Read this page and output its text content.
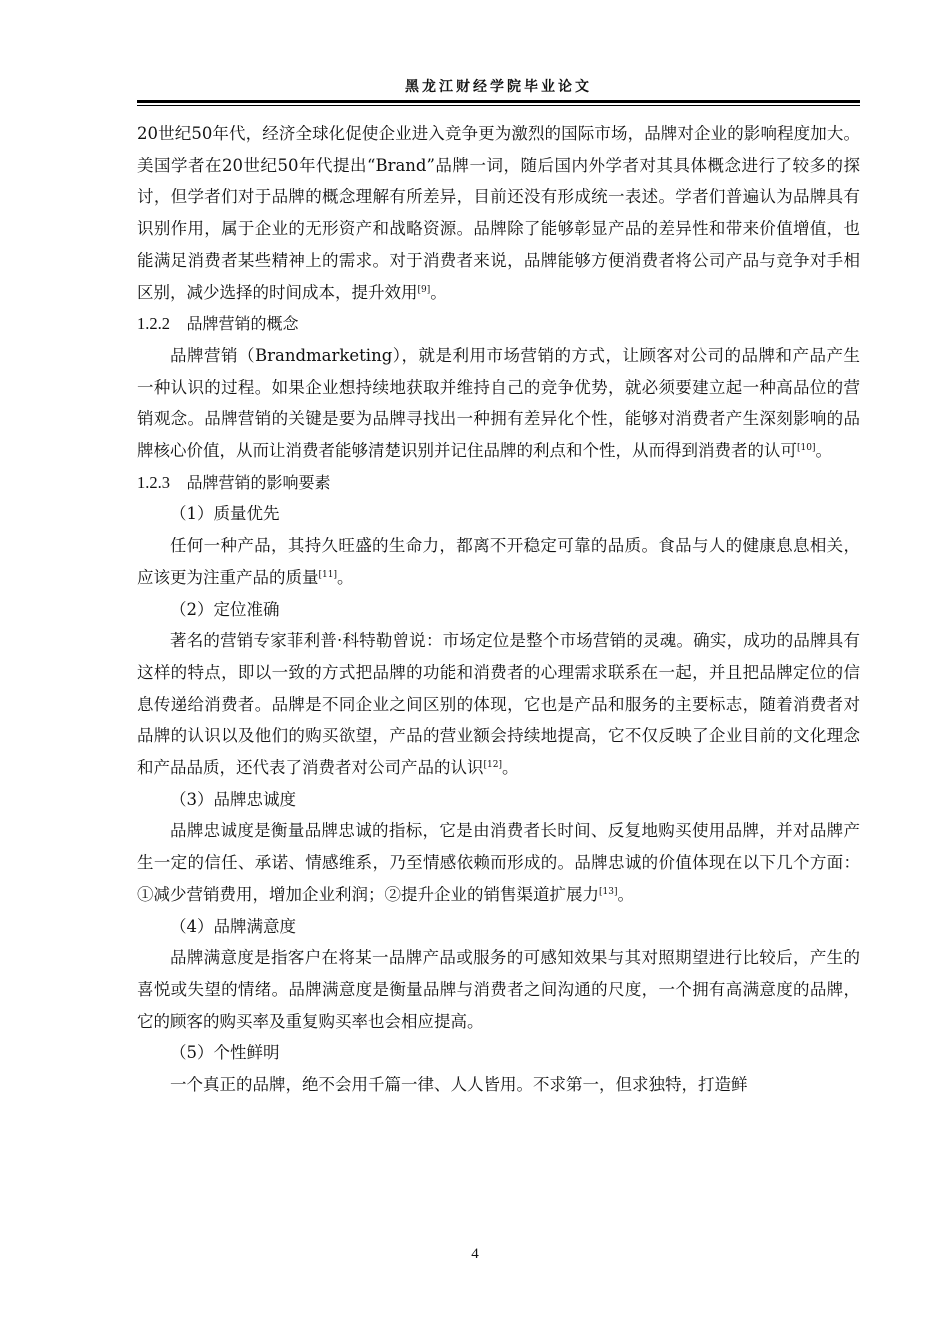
黑龙江财经学院毕业论文

20世纪50年代，经济全球化促使企业进入竞争更为激烈的国际市场，品牌对企业的影响程度加大。美国学者在20世纪50年代提出“Brand”品牌一词，随后国内外学者对其具体概念进行了较多的探讨，但学者们对于品牌的概念理解有所差异，目前还没有形成统一表述。学者们普遍认为品牌具有识别作用，属于企业的无形资产和战略资源。品牌除了能够彰显产品的差异性和带来价值增值，也能满足消费者某些精神上的需求。对于消费者来说，品牌能够方便消费者将公司产品与竞争对手相区别，减少选择的时间成本，提升效用[9]。

1.2.2 品牌营销的概念

品牌营销（Brandmarketing），就是利用市场营销的方式，让顾客对公司的品牌和产品产生一种认识的过程。如果企业想持续地获取并维持自己的竞争优势，就必须要建立起一种高品位的营销观念。品牌营销的关键是要为品牌寻找出一种拥有差异化个性，能够对消费者产生深刻影响的品牌核心价值，从而让消费者能够清楚识别并记住品牌的利点和个性，从而得到消费者的认可[10]。

1.2.3 品牌营销的影响要素

（1）质量优先

任何一种产品，其持久旺盛的生命力，都离不开稳定可靠的品质。食品与人的健康息息相关，应该更为注重产品的质量[11]。

（2）定位准确

著名的营销专家菲利普·科特勒曾说：市场定位是整个市场营销的灵魂。确实，成功的品牌具有这样的特点，即以一致的方式把品牌的功能和消费者的心理需求联系在一起，并且把品牌定位的信息传递给消费者。品牌是不同企业之间区别的体现，它也是产品和服务的主要标志，随着消费者对品牌的认识以及他们的购买欲望，产品的营业额会持续地提高，它不仅反映了企业目前的文化理念和产品品质，还代表了消费者对公司产品的认识[12]。

（3）品牌忠诚度

品牌忠诚度是衡量品牌忠诚的指标，它是由消费者长时间、反复地购买使用品牌，并对品牌产生一定的信任、承诺、情感维系，乃至情感依赖而形成的。品牌忠诚的价值体现在以下几个方面：①减少营销费用，增加企业利润；②提升企业的销售渠道扩展力[13]。

（4）品牌满意度

品牌满意度是指客户在将某一品牌产品或服务的可感知效果与其对照期望进行比较后，产生的喜悦或失望的情绪。品牌满意度是衡量品牌与消费者之间沟通的尺度，一个拥有高满意度的品牌，它的顾客的购买率及重复购买率也会相应提高。

（5）个性鲜明

一个真正的品牌，绝不会用千篇一律、人人皆用。不求第一，但求独特，打造鲜

4
